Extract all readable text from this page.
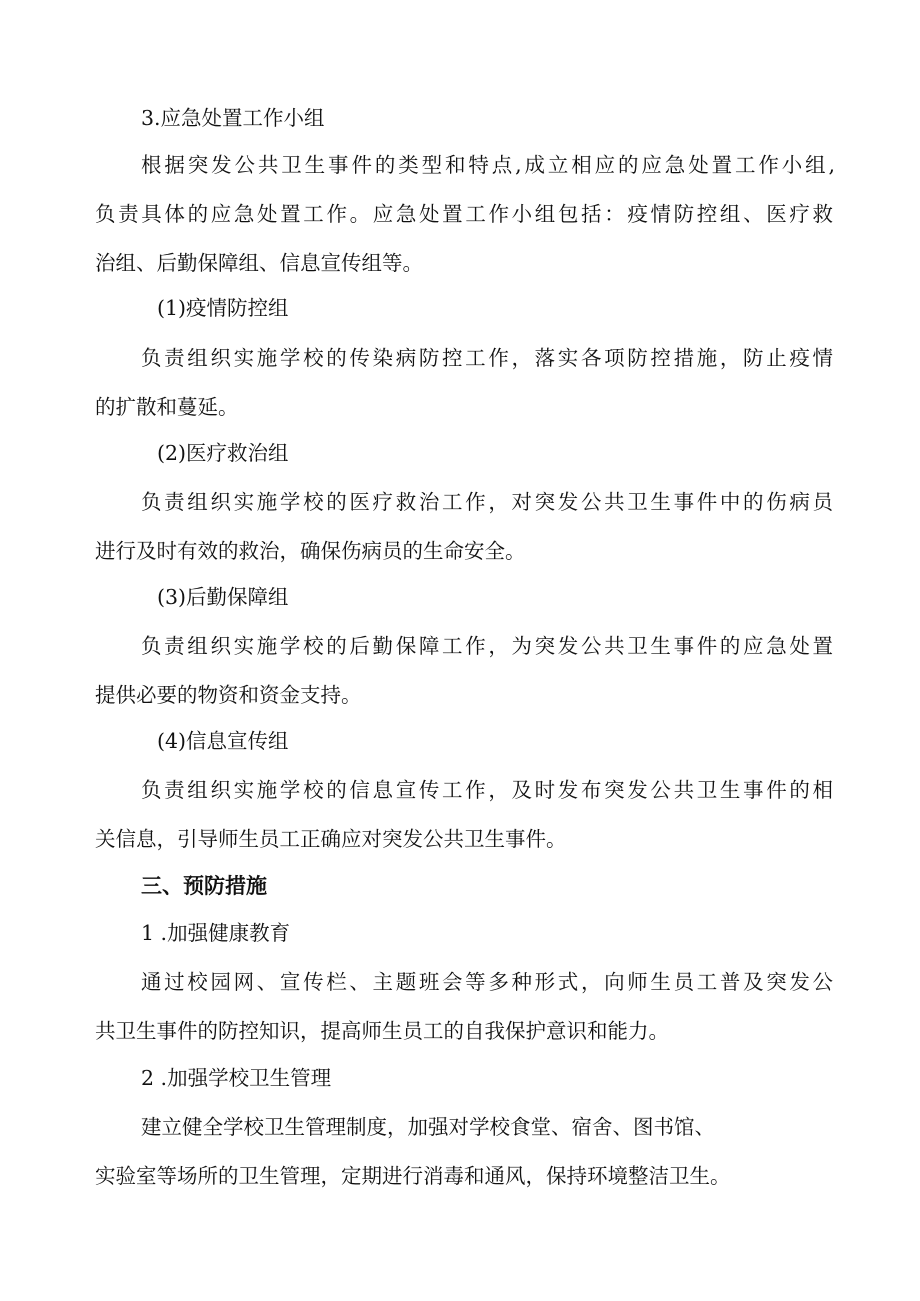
3.应急处置工作小组
根据突发公共卫生事件的类型和特点,成立相应的应急处置工作小组,
负责具体的应急处置工作。应急处置工作小组包括：疫情防控组、医疗救
治组、后勤保障组、信息宣传组等。
(1)疫情防控组
负责组织实施学校的传染病防控工作，落实各项防控措施，防止疫情
的扩散和蔓延。
(2)医疗救治组
负责组织实施学校的医疗救治工作，对突发公共卫生事件中的伤病员
进行及时有效的救治，确保伤病员的生命安全。
(3)后勤保障组
负责组织实施学校的后勤保障工作，为突发公共卫生事件的应急处置
提供必要的物资和资金支持。
(4)信息宣传组
负责组织实施学校的信息宣传工作，及时发布突发公共卫生事件的相
关信息，引导师生员工正确应对突发公共卫生事件。
三、预防措施
1 .加强健康教育
通过校园网、宣传栏、主题班会等多种形式，向师生员工普及突发公
共卫生事件的防控知识，提高师生员工的自我保护意识和能力。
2 .加强学校卫生管理
建立健全学校卫生管理制度，加强对学校食堂、宿舍、图书馆、
实验室等场所的卫生管理，定期进行消毒和通风，保持环境整洁卫生。
